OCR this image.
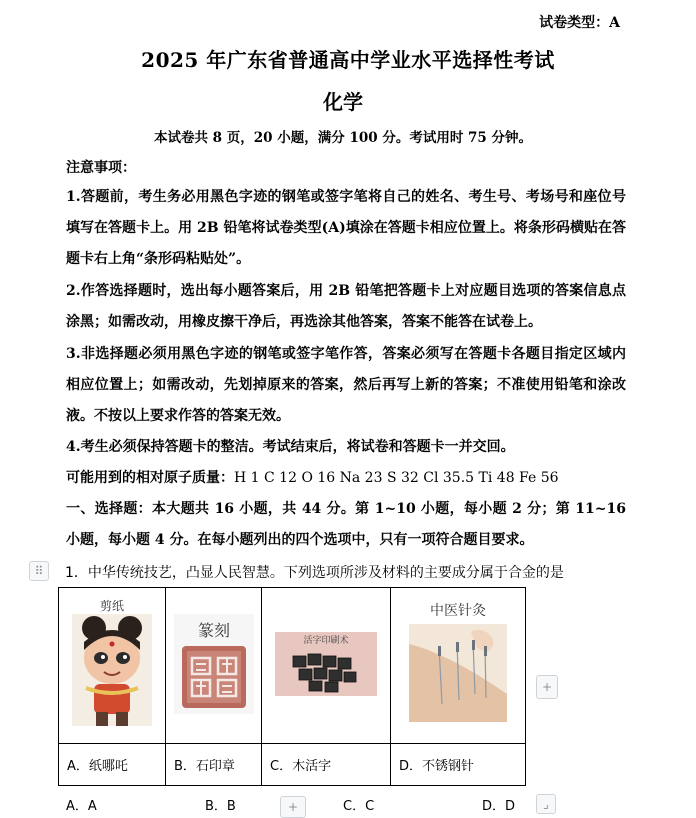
试卷类型：A
2025 年广东省普通高中学业水平选择性考试
化学
本试卷共 8 页，20 小题，满分 100 分。考试用时 75 分钟。
注意事项：
1.答题前，考生务必用黑色字迹的钢笔或签字笔将自己的姓名、考生号、考场号和座位号填写在答题卡上。用 2B 铅笔将试卷类型(A)填涂在答题卡相应位置上。将条形码横贴在答题卡右上角“条形码粘贴处”。
2.作答选择题时，选出每小题答案后，用 2B 铅笔把答题卡上对应题目选项的答案信息点涂黑；如需改动，用橡皮擦干净后，再选涂其他答案，答案不能答在试卷上。
3.非选择题必须用黑色字迹的钢笔或签字笔作答，答案必须写在答题卡各题目指定区域内相应位置上；如需改动，先划掉原来的答案，然后再写上新的答案；不准使用铅笔和涂改液。不按以上要求作答的答案无效。
4.考生必须保持答题卡的整洁。考试结束后，将试卷和答题卡一并交回。
可能用到的相对原子质量：H 1 C 12 O 16 Na 23 S 32 Cl 35.5 Ti 48 Fe 56
一、选择题：本大题共 16 小题，共 44 分。第 1~10 小题，每小题 2 分；第 11~16 小题，每小题 4 分。在每小题列出的四个选项中，只有一项符合题目要求。
⠿	1．中华传统技艺，凸显人民智慧。下列选项所涉及材料的主要成分属于合金的是
剪纸	篆刻	活字印刷术	中医针灸

A．纸哪吒	B．石印章	C．木活字	D．不锈钢针
+
A．A	B．B	C．C	D．D
+	⌟
